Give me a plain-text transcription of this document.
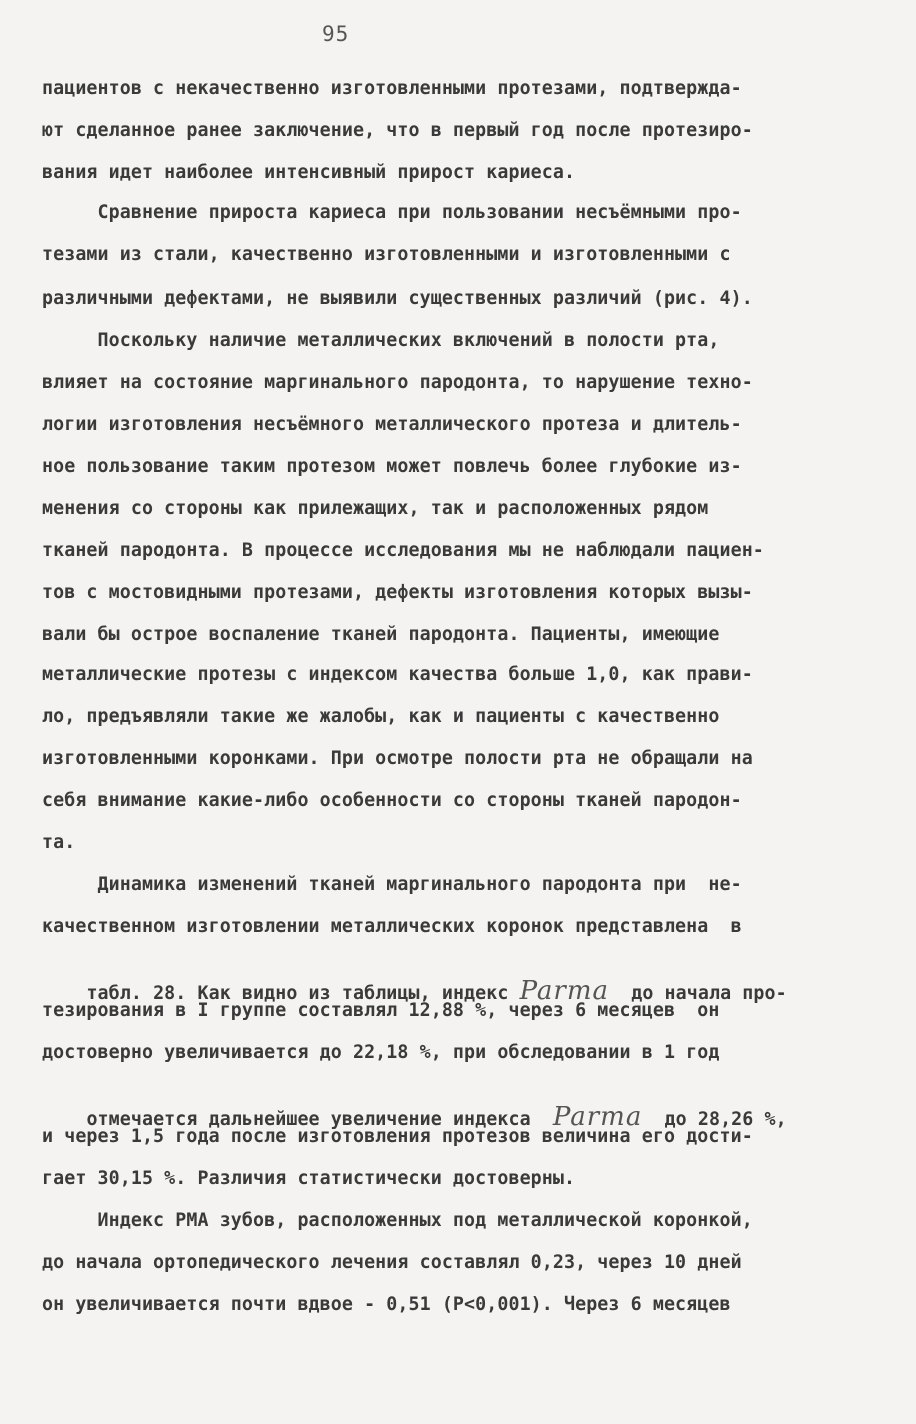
95
пациентов с некачественно изготовленными протезами, подтвержда-
ют сделанное ранее заключение, что в первый год после протезиро-
вания идет наиболее интенсивный прирост кариеса.
Сравнение прироста кариеса при пользовании несъёмными про-
тезами из стали, качественно изготовленными и изготовленными с
различными дефектами, не выявили существенных различий (рис. 4).
Поскольку наличие металлических включений в полости рта,
влияет на состояние маргинального пародонта, то нарушение техно-
логии изготовления несъёмного металлического протеза и длитель-
ное пользование таким протезом может повлечь более глубокие из-
менения со стороны как прилежащих, так и расположенных рядом
тканей пародонта. В процессе исследования мы не наблюдали пациен-
тов с мостовидными протезами, дефекты изготовления которых вызы-
вали бы острое воспаление тканей пародонта. Пациенты, имеющие
металлические протезы с индексом качества больше 1,0, как прави-
ло, предъявляли такие же жалобы, как и пациенты с качественно
изготовленными коронками. При осмотре полости рта не обращали на
себя внимание какие-либо особенности со стороны тканей пародон-
та.
Динамика изменений тканей маргинального пародонта при  не-
качественном изготовлении металлических коронок представлена  в

табл. 28. Как видно из таблицы, индекс Parma  до начала про-

тезирования в I группе составлял 12,88 %, через 6 месяцев  он
достоверно увеличивается до 22,18 %, при обследовании в 1 год

отмечается дальнейшее увеличение индекса  Parma  до 28,26 %,

и через 1,5 года после изготовления протезов величина его дости-
гает 30,15 %. Различия статистически достоверны.
Индекс РМА зубов, расположенных под металлической коронкой,
до начала ортопедического лечения составлял 0,23, через 10 дней
он увеличивается почти вдвое - 0,51 (P<0,001). Через 6 месяцев
